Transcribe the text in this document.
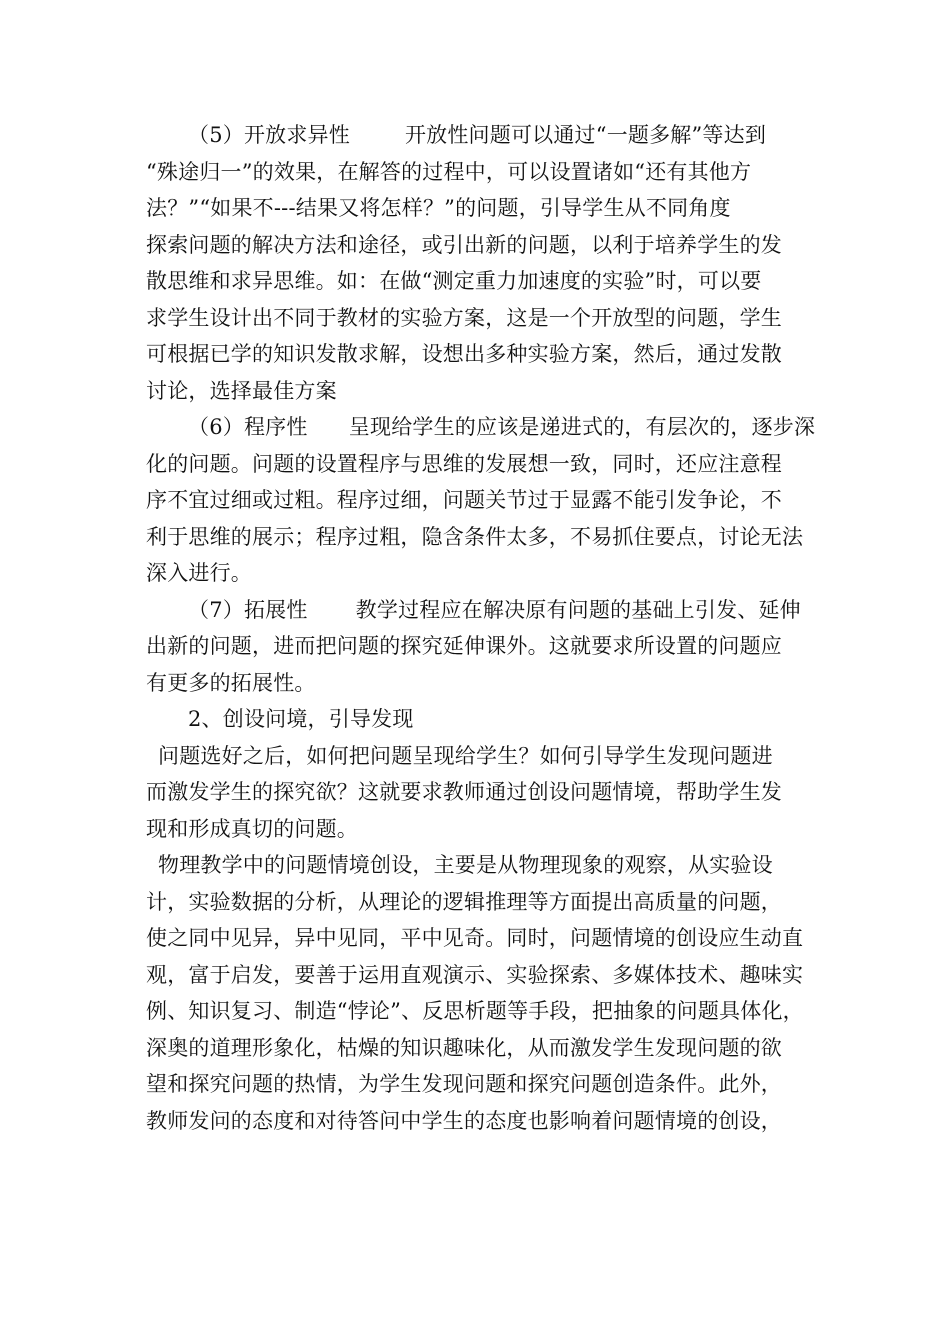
（5）开放求异性        开放性问题可以通过“一题多解”等达到
“殊途归一”的效果，在解答的过程中，可以设置诸如“还有其他方
法？”“如果不---结果又将怎样？”的问题，引导学生从不同角度
探索问题的解决方法和途径，或引出新的问题，以利于培养学生的发
散思维和求异思维。如：在做“测定重力加速度的实验”时，可以要
求学生设计出不同于教材的实验方案，这是一个开放型的问题，学生
可根据已学的知识发散求解，设想出多种实验方案，然后，通过发散
讨论，选择最佳方案
（6）程序性      呈现给学生的应该是递进式的，有层次的，逐步深
化的问题。问题的设置程序与思维的发展想一致，同时，还应注意程
序不宜过细或过粗。程序过细，问题关节过于显露不能引发争论，不
利于思维的展示；程序过粗，隐含条件太多，不易抓住要点，讨论无法
深入进行。
（7）拓展性       教学过程应在解决原有问题的基础上引发、延伸
出新的问题，进而把问题的探究延伸课外。这就要求所设置的问题应
有更多的拓展性。
2、创设问境，引导发现
问题选好之后，如何把问题呈现给学生？如何引导学生发现问题进
而激发学生的探究欲？这就要求教师通过创设问题情境，帮助学生发
现和形成真切的问题。
物理教学中的问题情境创设，主要是从物理现象的观察，从实验设
计，实验数据的分析，从理论的逻辑推理等方面提出高质量的问题，
使之同中见异，异中见同，平中见奇。同时，问题情境的创设应生动直
观，富于启发，要善于运用直观演示、实验探索、多媒体技术、趣味实
例、知识复习、制造“悖论”、反思析题等手段，把抽象的问题具体化，
深奥的道理形象化，枯燥的知识趣味化，从而激发学生发现问题的欲
望和探究问题的热情，为学生发现问题和探究问题创造条件。此外，
教师发问的态度和对待答问中学生的态度也影响着问题情境的创设，
